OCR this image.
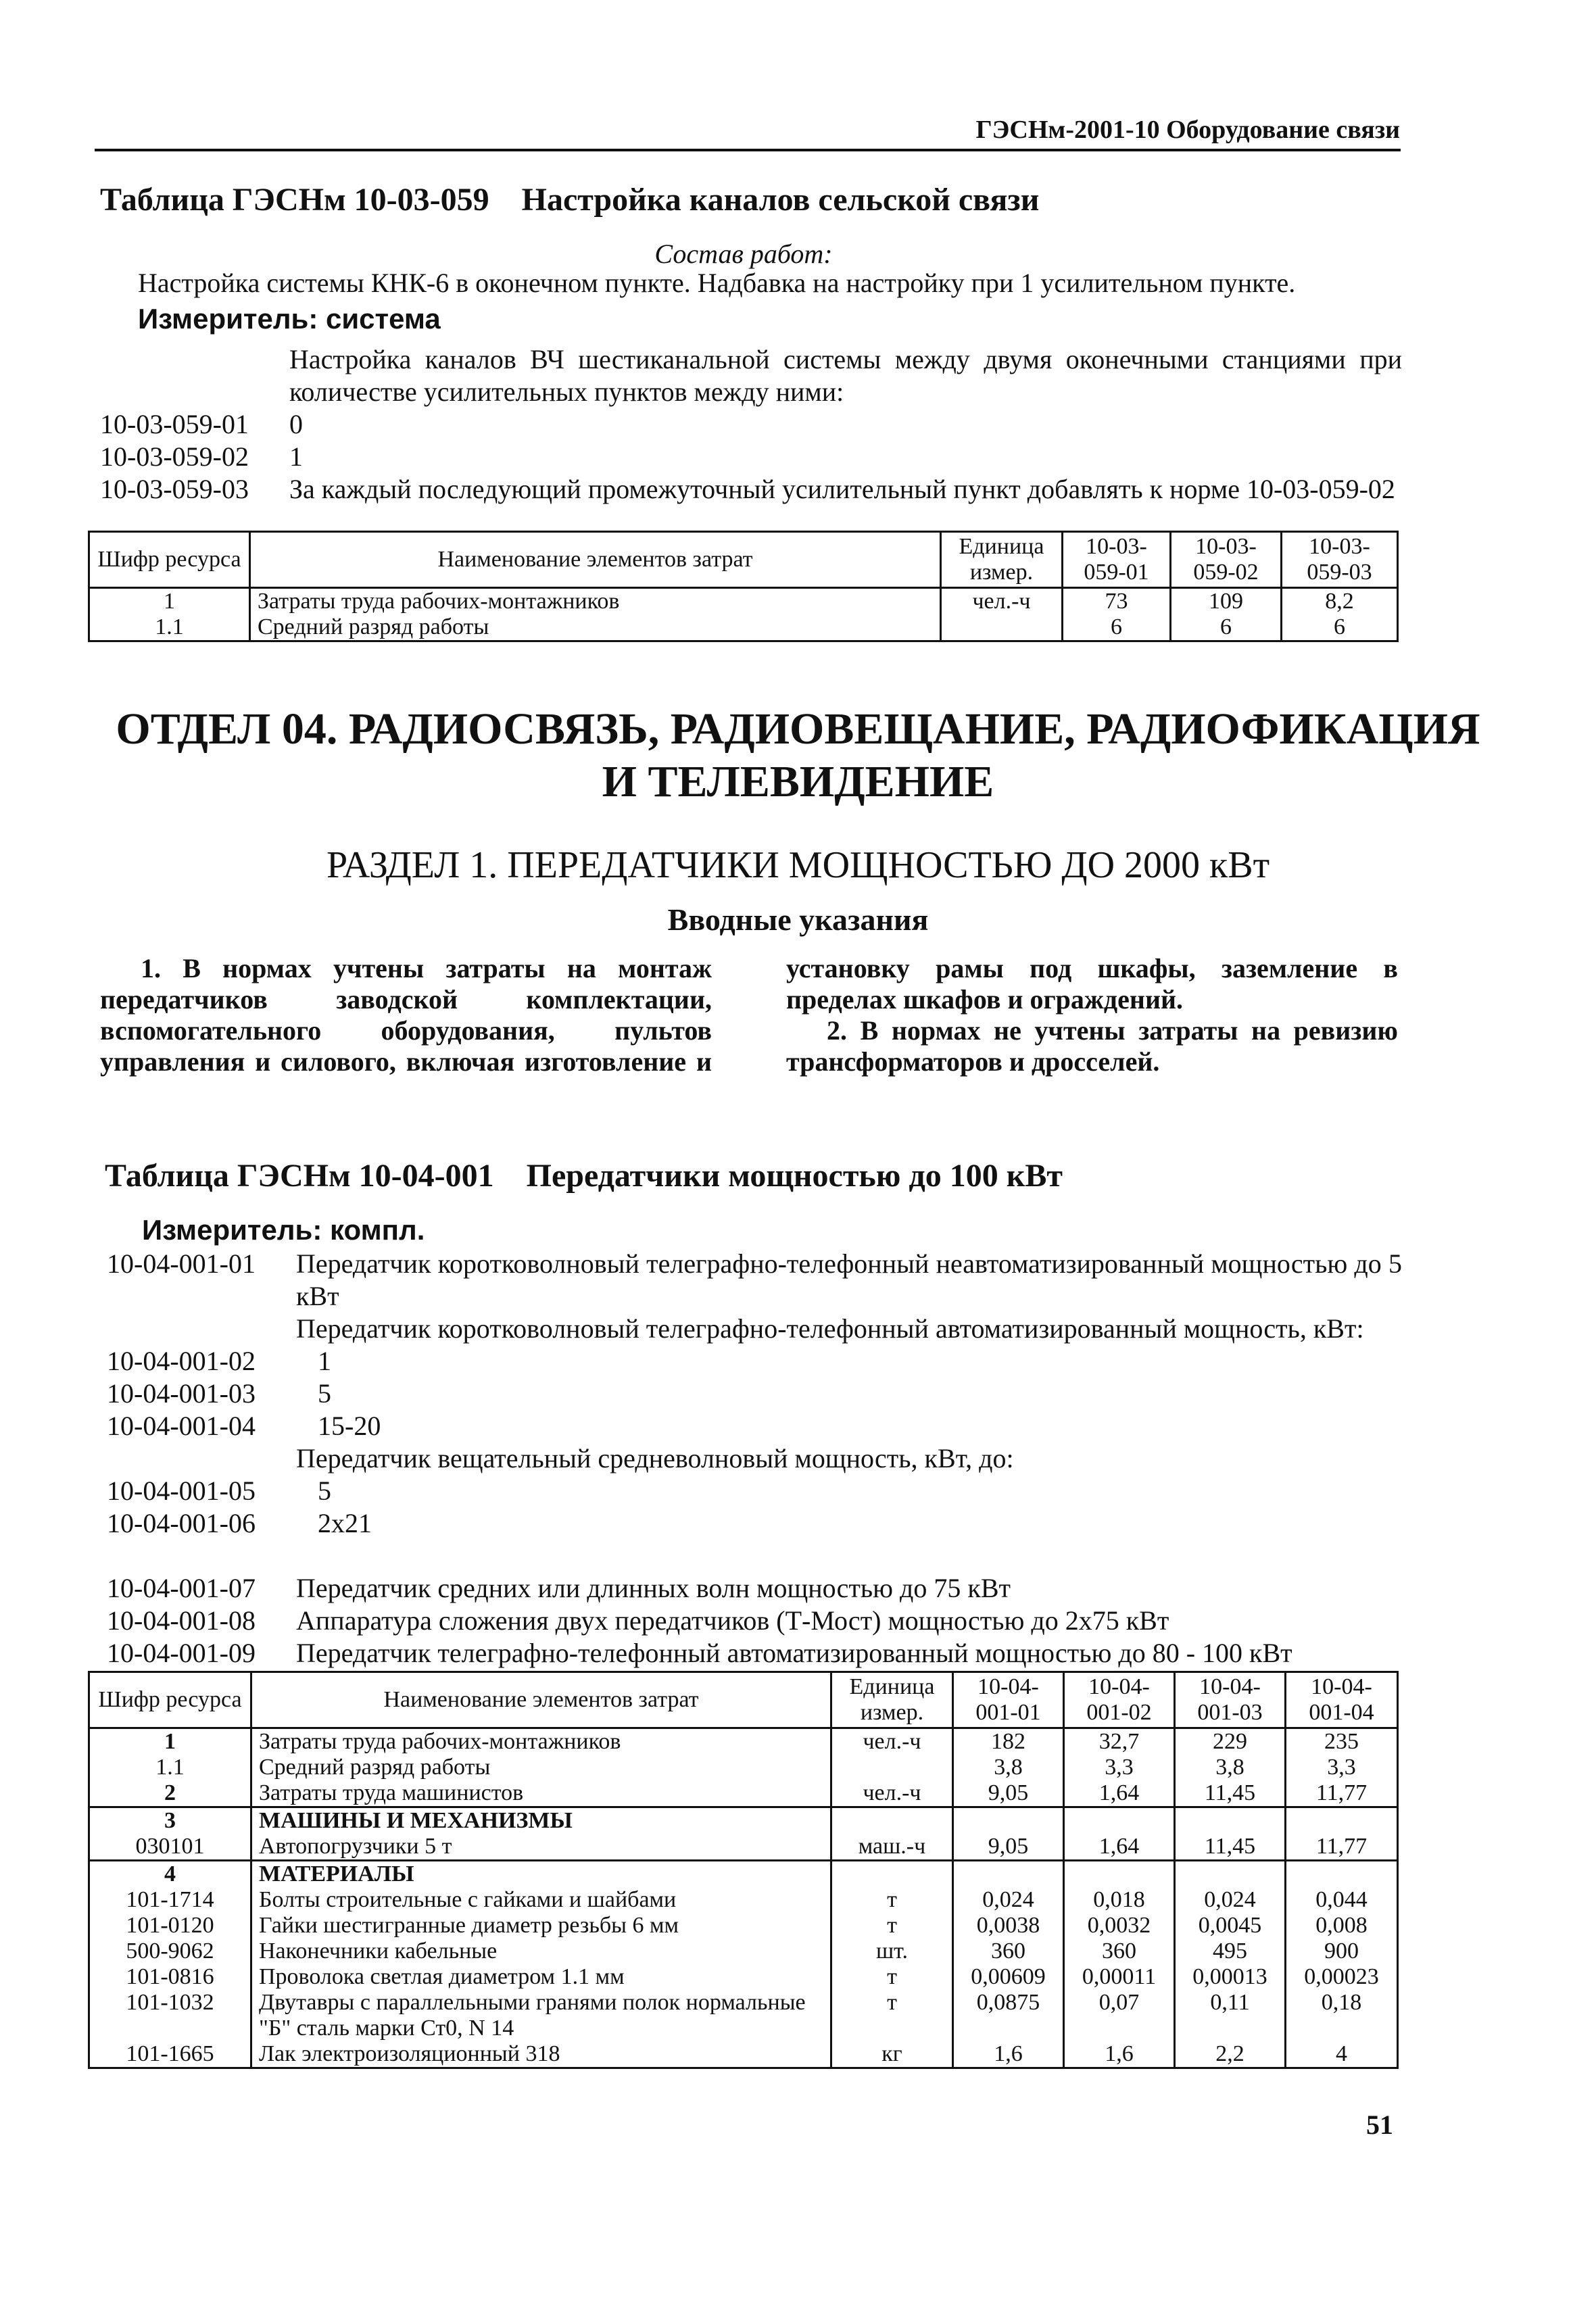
ГЭСНм-2001-10 Оборудование связи
Таблица ГЭСНм 10-03-059 Настройка каналов сельской связи
Состав работ:
Настройка системы КНК-6 в оконечном пункте. Надбавка на настройку при 1 усилительном пункте.
Измеритель: система
Настройка каналов ВЧ шестиканальной системы между двумя оконечными станциями при количестве усилительных пунктов между ними:
10-03-059-01	0
10-03-059-02	1
10-03-059-03	За каждый последующий промежуточный усилительный пункт добавлять к норме 10-03-059-02
Шифр ресурса	Наименование элементов затрат	Единица измер.	10-03-059-01	10-03-059-02	10-03-059-03
1	Затраты труда рабочих-монтажников	чел.-ч	73	109	8,2
1.1	Средний разряд работы		6	6	6
ОТДЕЛ 04. РАДИОСВЯЗЬ, РАДИОВЕЩАНИЕ, РАДИОФИКАЦИЯ
И ТЕЛЕВИДЕНИЕ
РАЗДЕЛ 1. ПЕРЕДАТЧИКИ МОЩНОСТЬЮ ДО 2000 кВт
Вводные указания

1. В нормах учтены затраты на монтаж передатчиков заводской комплектации, вспомогательного оборудования, пультов управления и силового, включая изготовление и установку рамы под шкафы, заземление в пределах шкафов и ограждений.

2. В нормах не учтены затраты на ревизию трансформаторов и дросселей.

Таблица ГЭСНм 10-04-001 Передатчики мощностью до 100 кВт
Измеритель: компл.
10-04-001-01	Передатчик коротковолновый телеграфно-телефонный неавтоматизированный мощностью до 5 кВт
Передатчик коротковолновый телеграфно-телефонный автоматизированный мощность, кВт:
10-04-001-02	1
10-04-001-03	5
10-04-001-04	15-20
Передатчик вещательный средневолновый мощность, кВт, до:
10-04-001-05	5
10-04-001-06	2х21
10-04-001-07	Передатчик средних или длинных волн мощностью до 75 кВт
10-04-001-08	Аппаратура сложения двух передатчиков (Т-Мост) мощностью до 2х75 кВт
10-04-001-09	Передатчик телеграфно-телефонный автоматизированный мощностью до 80 - 100 кВт
Шифр ресурса	Наименование элементов затрат	Единица измер.	10-04-001-01	10-04-001-02	10-04-001-03	10-04-001-04
1	Затраты труда рабочих-монтажников	чел.-ч	182	32,7	229	235
1.1	Средний разряд работы		3,8	3,3	3,8	3,3
2	Затраты труда машинистов	чел.-ч	9,05	1,64	11,45	11,77
3	МАШИНЫ И МЕХАНИЗМЫ					
030101	Автопогрузчики 5 т	маш.-ч	9,05	1,64	11,45	11,77
4	МАТЕРИАЛЫ					
101-1714	Болты строительные с гайками и шайбами	т	0,024	0,018	0,024	0,044
101-0120	Гайки шестигранные диаметр резьбы 6 мм	т	0,0038	0,0032	0,0045	0,008
500-9062	Наконечники кабельные	шт.	360	360	495	900
101-0816	Проволока светлая диаметром 1.1 мм	т	0,00609	0,00011	0,00013	0,00023
101-1032	Двутавры с параллельными гранями полок нормальные "Б" сталь марки Ст0, N 14	т	0,0875	0,07	0,11	0,18
101-1665	Лак электроизоляционный 318	кг	1,6	1,6	2,2	4
51
